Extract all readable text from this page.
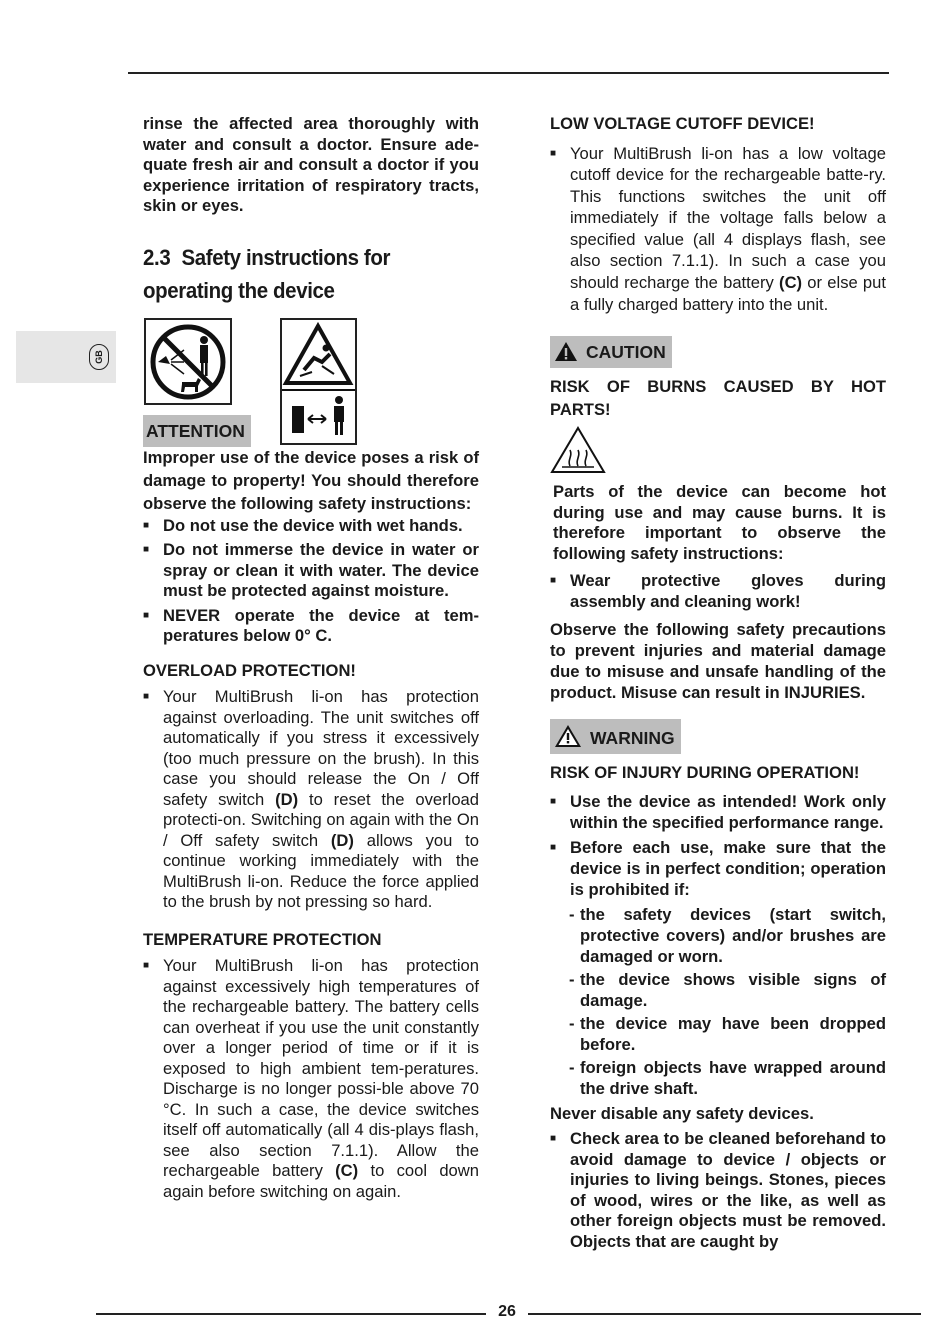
GB

rinse the affected area thoroughly with water and consult a doctor. Ensure ade-quate fresh air and consult a doctor if you experience irritation of respiratory tracts, skin or eyes.

2.3 Safety instructions for
operating the device
ATTENTION

Improper use of the device poses a risk of damage to property! You should therefore observe the following safety instructions:

■ Do not use the device with wet hands.
■ Do not immerse the device in water or spray or clean it with water. The device must be protected against moisture.
■ NEVER operate the device at tem-peratures below 0° C.

OVERLOAD PROTECTION!

■ Your MultiBrush li-on has protection against overloading. The unit switches off automatically if you stress it excessively (too much pressure on the brush). In this case you should release the On / Off safety switch (D) to reset the overload protecti-on. Switching on again with the On / Off safety switch (D) allows you to continue working immediately with the MultiBrush li-on. Reduce the force applied to the brush by not pressing so hard.

TEMPERATURE PROTECTION

■ Your MultiBrush li-on has protection against excessively high temperatures of the rechargeable battery. The battery cells can overheat if you use the unit constantly over a longer period of time or if it is exposed to high ambient tem-peratures. Discharge is no longer possi-ble above 70 °C. In such a case, the device switches itself off automatically (all 4 dis-plays flash, see also section 7.1.1). Allow the rechargeable battery (C) to cool down again before switching on again.

LOW VOLTAGE CUTOFF DEVICE!

■ Your MultiBrush li-on has a low voltage cutoff device for the rechargeable batte-ry. This functions switches the unit off immediately if the voltage falls below a specified value (all 4 displays flash, see also section 7.1.1). In such a case you should recharge the battery (C) or else put a fully charged battery into the unit.
CAUTION

RISK OF BURNS CAUSED BY HOT PARTS!

Parts of the device can become hot during use and may cause burns. It is therefore important to observe the following safety instructions:

■ Wear protective gloves during assembly and cleaning work!

Observe the following safety precautions to prevent injuries and material damage due to misuse and unsafe handling of the product. Misuse can result in INJURIES.

WARNING

RISK OF INJURY DURING OPERATION!

■ Use the device as intended! Work only within the specified performance range.
■ Before each use, make sure that the device is in perfect condition; operation is prohibited if:
- the safety devices (start switch, protective covers) and/or brushes are damaged or worn.
- the device shows visible signs of damage.
- the device may have been dropped before.
- foreign objects have wrapped around the drive shaft.

Never disable any safety devices.

■ Check area to be cleaned beforehand to avoid damage to device / objects or injuries to living beings. Stones, pieces of wood, wires or the like, as well as other foreign objects must be removed. Objects that are caught by
26
